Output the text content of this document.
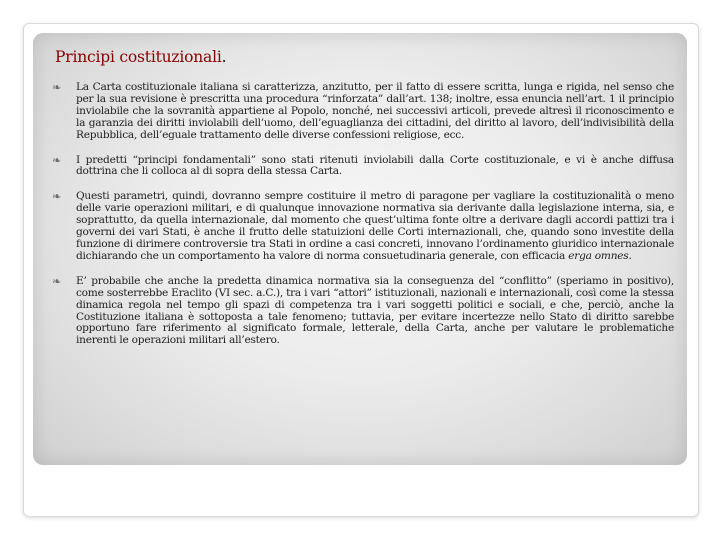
Principi costituzionali.
❧ La Carta costituzionale italiana si caratterizza, anzitutto, per il fatto di essere scritta, lunga e rigida, nel senso che per la sua revisione è prescritta una procedura “rinforzata” dall’art. 138; inoltre, essa enuncia nell’art. 1 il principio inviolabile che la sovranità appartiene al Popolo, nonché, nei successivi articoli, prevede altresì il riconoscimento e la garanzia dei diritti inviolabili dell’uomo, dell’eguaglianza dei cittadini, del diritto al lavoro, dell’indivisibilità della Repubblica, dell’eguale trattamento delle diverse confessioni religiose, ecc.

❧ I predetti “principi fondamentali” sono stati ritenuti inviolabili dalla Corte costituzionale, e vi è anche diffusa dottrina che li colloca al di sopra della stessa Carta.

❧ Questi parametri, quindi, dovranno sempre costituire il metro di paragone per vagliare la costituzionalità o meno delle varie operazioni militari, e di qualunque innovazione normativa sia derivante dalla legislazione interna, sia, e soprattutto, da quella internazionale, dal momento che quest’ultima fonte oltre a derivare dagli accordi pattizi tra i governi dei vari Stati, è anche il frutto delle statuizioni delle Corti internazionali, che, quando sono investite della funzione di dirimere controversie tra Stati in ordine a casi concreti, innovano l’ordinamento giuridico internazionale dichiarando che un comportamento ha valore di norma consuetudinaria generale, con efficacia erga omnes.

❧ E’ probabile che anche la predetta dinamica normativa sia la conseguenza del “conflitto” (speriamo in positivo), come sosterrebbe Eraclito (VI sec. a.C.), tra i vari “attori” istituzionali, nazionali e internazionali, così come la stessa dinamica regola nel tempo gli spazi di competenza tra i vari soggetti politici e sociali, e che, perciò, anche la Costituzione italiana è sottoposta a tale fenomeno; tuttavia, per evitare incertezze nello Stato di diritto sarebbe opportuno fare riferimento al significato formale, letterale, della Carta, anche per valutare le problematiche inerenti le operazioni militari all’estero.
